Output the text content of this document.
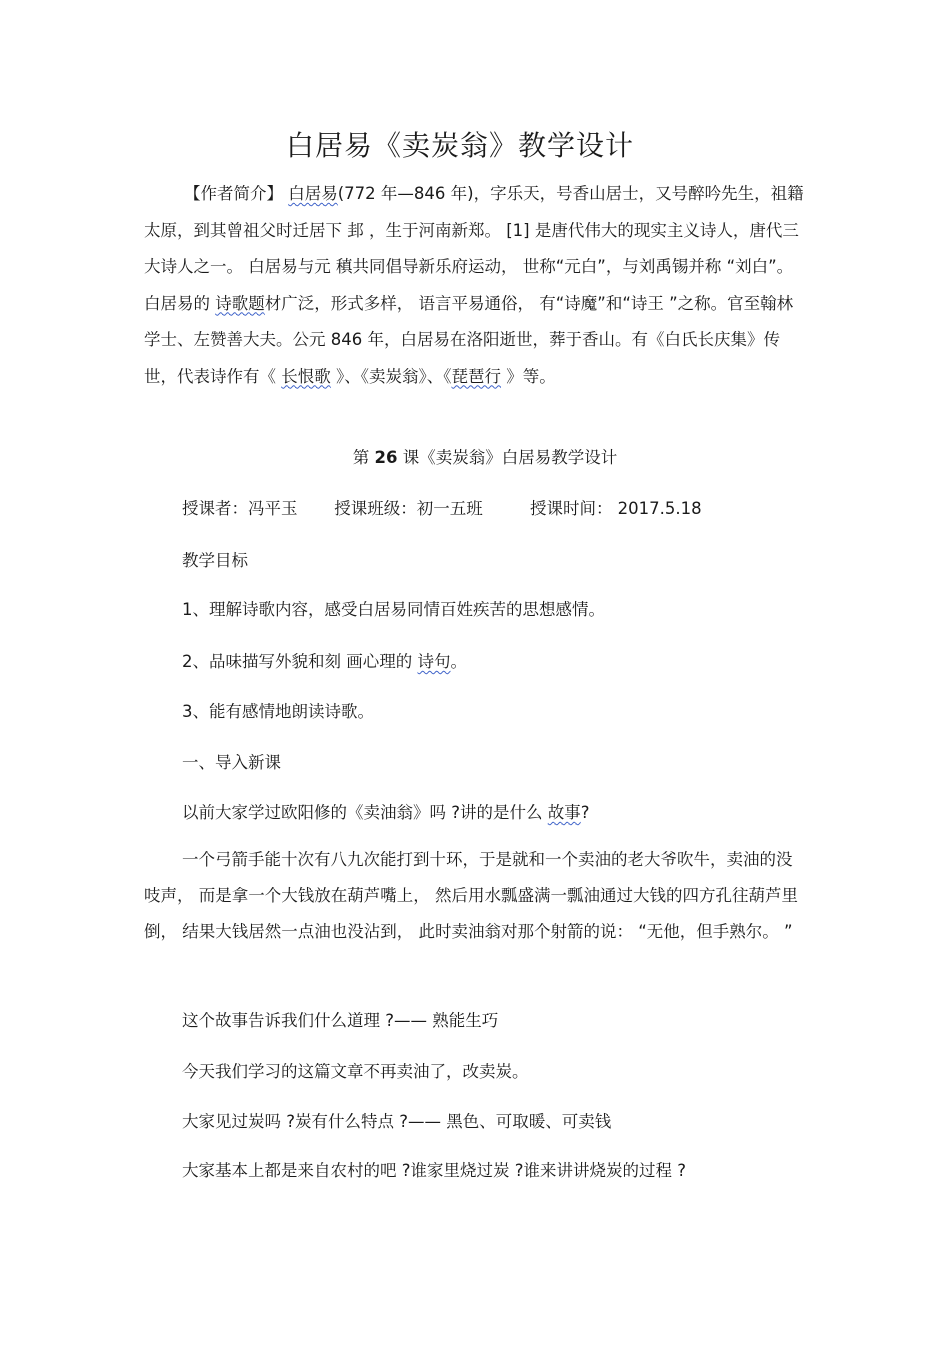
白居易《卖炭翁》教学设计

【作者简介】 白居易(772 年—846 年)，字乐天，号香山居士，又号醉吟先生，祖籍太原，到其曾祖父时迁居下 邽 ，生于河南新郑。 [1] 是唐代伟大的现实主义诗人，唐代三大诗人之一。 白居易与元 稹共同倡导新乐府运动， 世称“元白”，与刘禹锡并称 “刘白”。白居易的 诗歌题材广泛，形式多样， 语言平易通俗， 有“诗魔”和“诗王 ”之称。官至翰林学士、左赞善大夫。公元 846 年，白居易在洛阳逝世，葬于香山。有《白氏长庆集》传世，代表诗作有《 长恨歌 》、《卖炭翁》、《琵琶行 》等。

第 26 课《卖炭翁》白居易教学设计
授课者：冯平玉 授课班级：初一五班	授课时间： 2017.5.18
教学目标
1、理解诗歌内容，感受白居易同情百姓疾苦的思想感情。
2、品味描写外貌和刻 画心理的 诗句。
3、能有感情地朗读诗歌。
一、导入新课
以前大家学过欧阳修的《卖油翁》吗 ?讲的是什么 故事?

一个弓箭手能十次有八九次能打到十环，于是就和一个卖油的老大爷吹牛，卖油的没吱声， 而是拿一个大钱放在葫芦嘴上， 然后用水瓢盛满一瓢油通过大钱的四方孔往葫芦里倒， 结果大钱居然一点油也没沾到， 此时卖油翁对那个射箭的说： “无他，但手熟尔。 ”

这个故事告诉我们什么道理 ?—— 熟能生巧
今天我们学习的这篇文章不再卖油了，改卖炭。
大家见过炭吗 ?炭有什么特点 ?—— 黑色、可取暖、可卖钱
大家基本上都是来自农村的吧 ?谁家里烧过炭 ?谁来讲讲烧炭的过程 ?
